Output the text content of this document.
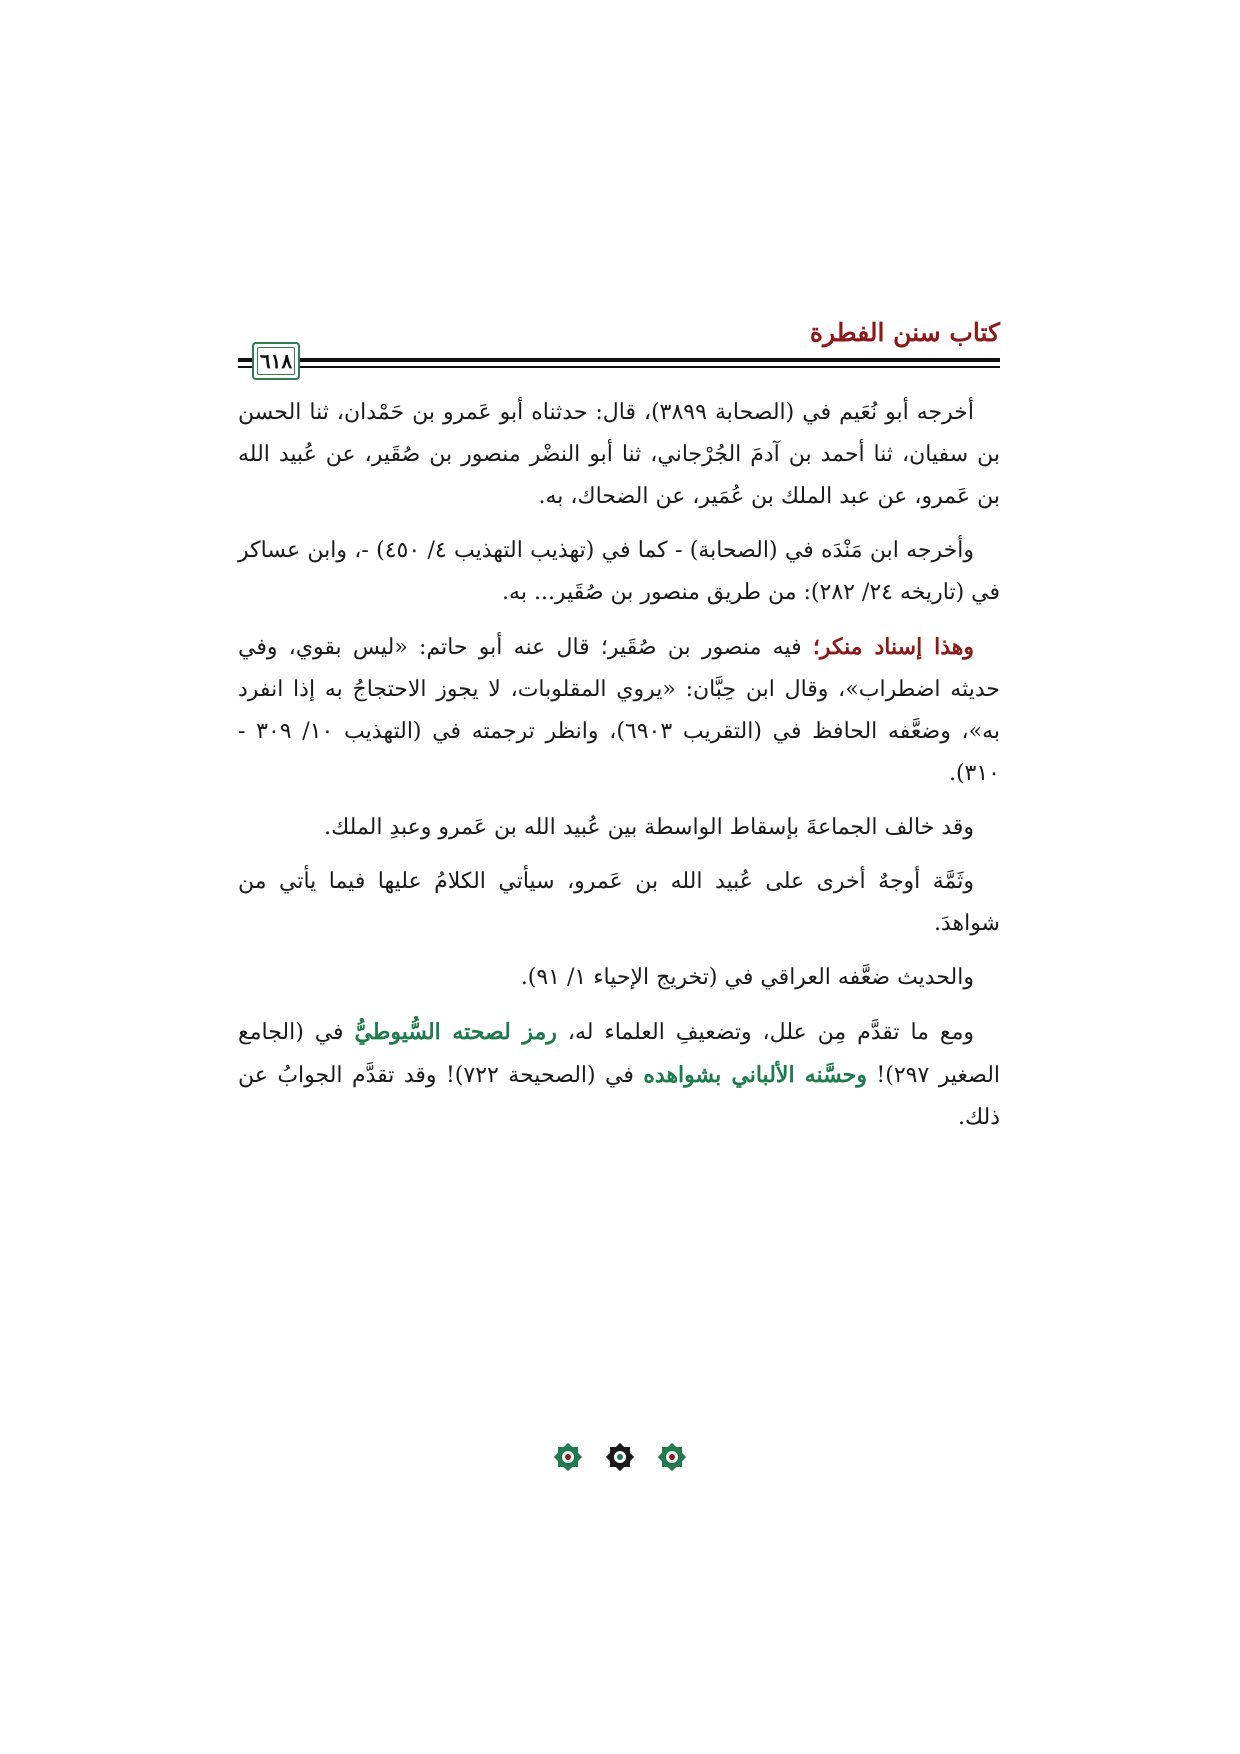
كتاب سنن الفطرة
٦١٨

أخرجه أبو نُعَيم في (الصحابة ٣٨٩٩)، قال: حدثناه أبو عَمرو بن حَمْدان، ثنا الحسن بن سفيان، ثنا أحمد بن آدمَ الجُرْجاني، ثنا أبو النضْر منصور بن صُقَير، عن عُبيد الله بن عَمرو، عن عبد الملك بن عُمَير، عن الضحاك، به.

وأخرجه ابن مَنْدَه في (الصحابة) - كما في (تهذيب التهذيب ٤/ ٤٥٠) -، وابن عساكر في (تاريخه ٢٤/ ٢٨٢): من طريق منصور بن صُقَير... به.

وهذا إسناد منكر؛ فيه منصور بن صُقَير؛ قال عنه أبو حاتم: «ليس بقوي، وفي حديثه اضطراب»، وقال ابن حِبَّان: «يروي المقلوبات، لا يجوز الاحتجاجُ به إذا انفرد به»، وضعَّفه الحافظ في (التقريب ٦٩٠٣)، وانظر ترجمته في (التهذيب ١٠/ ٣٠٩ - ٣١٠).

وقد خالف الجماعةَ بإسقاط الواسطة بين عُبيد الله بن عَمرو وعبدِ الملك.

وثَمَّة أوجهٌ أخرى على عُبيد الله بن عَمرو، سيأتي الكلامُ عليها فيما يأتي من شواهدَ.

والحديث ضعَّفه العراقي في (تخريج الإحياء ١/ ٩١).

ومع ما تقدَّم مِن علل، وتضعيفِ العلماء له، رمز لصحته السُّيوطيُّ في (الجامع الصغير ٢٩٧)! وحسَّنه الألباني بشواهده في (الصحيحة ٧٢٢)! وقد تقدَّم الجوابُ عن ذلك.
